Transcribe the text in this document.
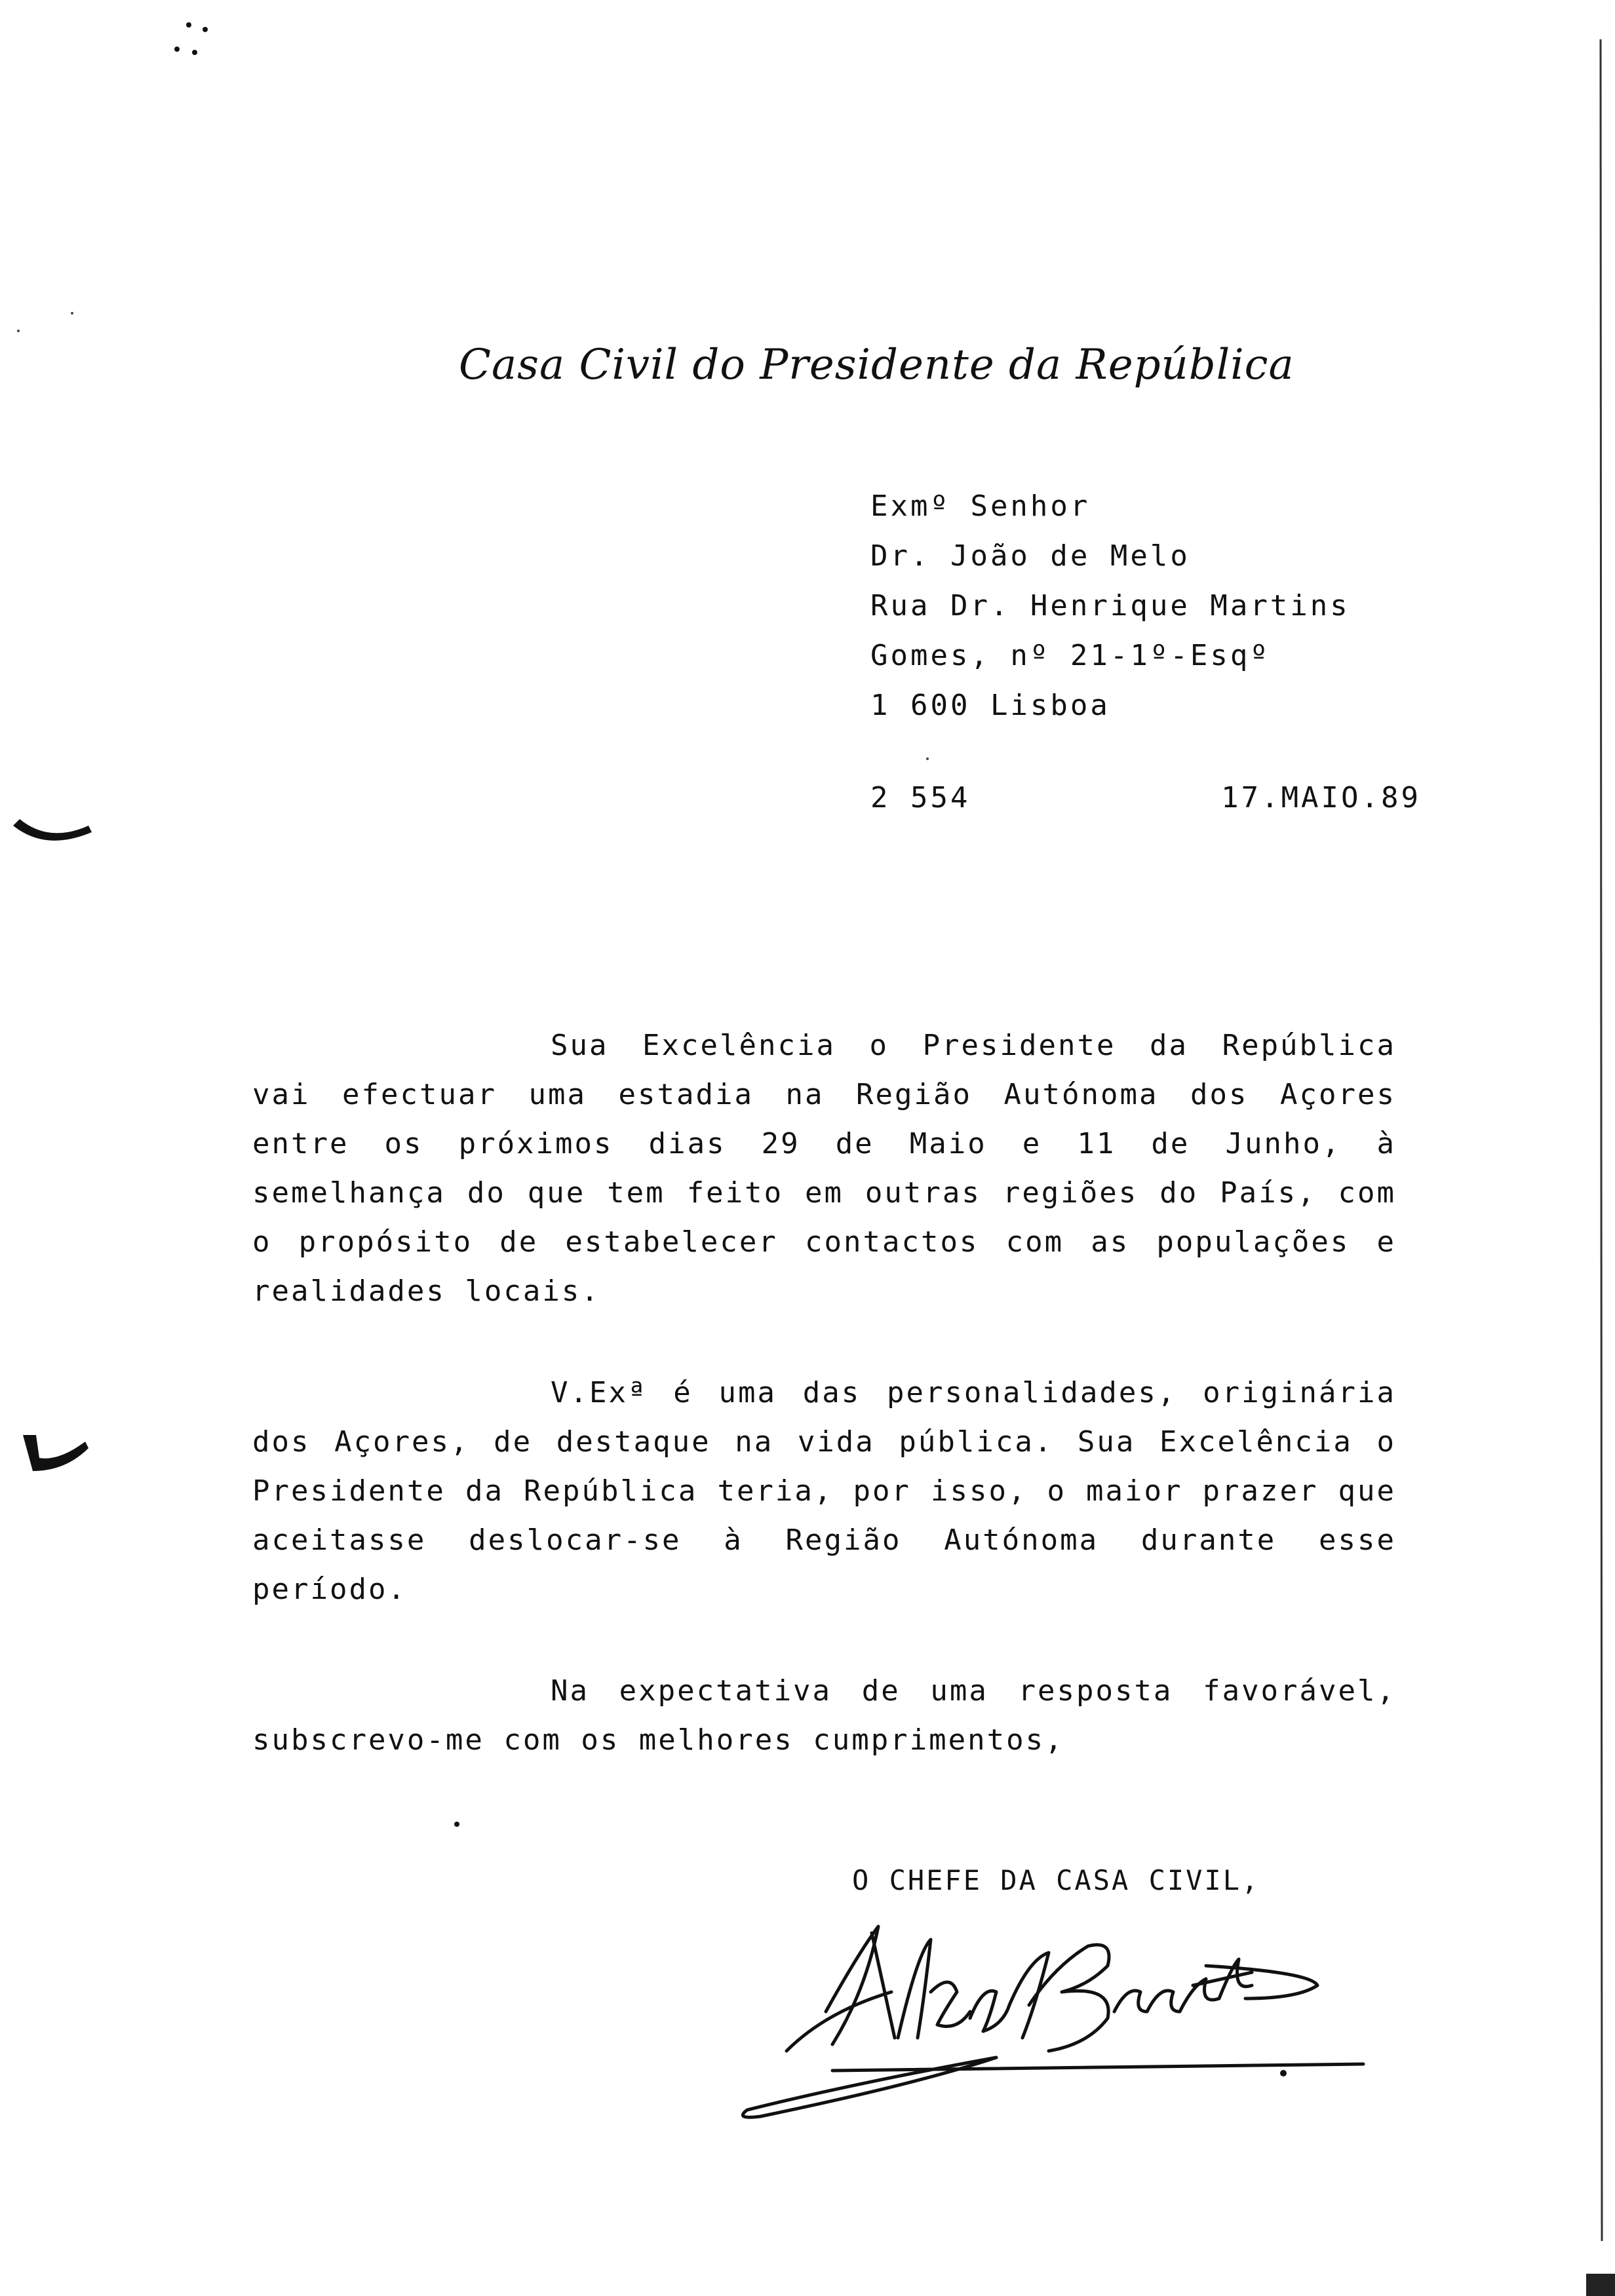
Casa Civil do Presidente da República
Exmº Senhor
Dr. João de Melo
Rua Dr. Henrique Martins
Gomes, nº 21-1º-Esqº
1 600 Lisboa
2 554	17.MAIO.89

Sua Excelência o Presidente da República vai efectuar uma estadia na Região Autónoma dos Açores entre os próximos dias 29 de Maio e 11 de Junho, à semelhança do que tem feito em outras regiões do País, com o propósito de estabelecer contactos com as populações e realidades locais.

V.Exª é uma das personalidades, originária dos Açores, de destaque na vida pública. Sua Excelência o Presidente da República teria, por isso, o maior prazer que aceitasse deslocar-se à Região Autónoma durante esse período.

Na expectativa de uma resposta favorável, subscrevo-me com os melhores cumprimentos,

O CHEFE DA CASA CIVIL,
